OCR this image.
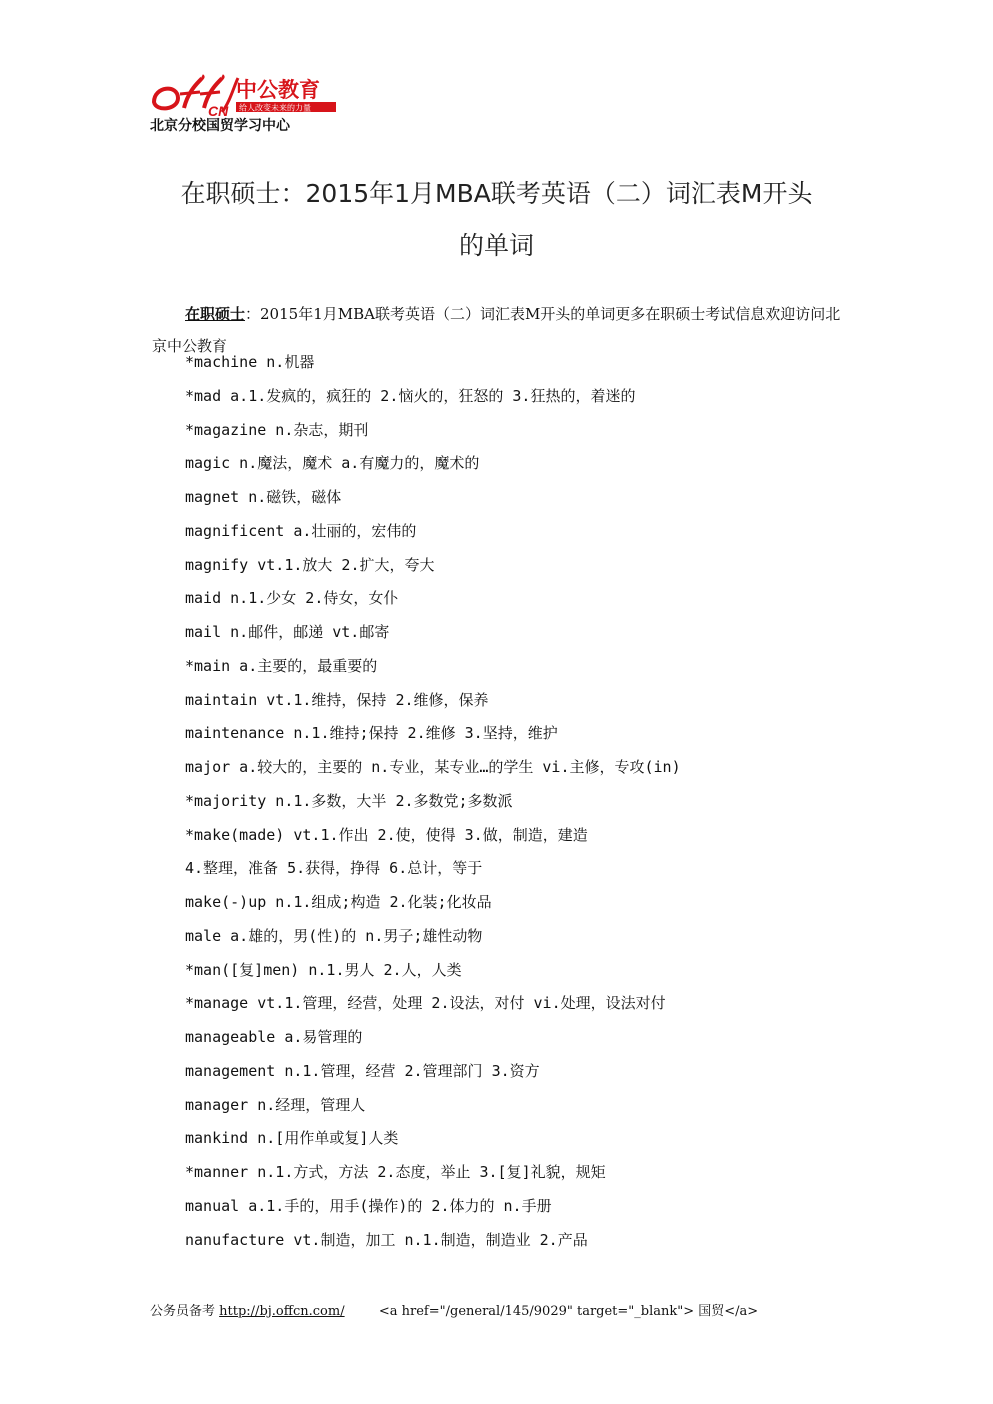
CN
中公教育
给人改变未来的力量
北京分校国贸学习中心
在职硕士：2015年1月MBA联考英语（二）词汇表M开头
的单词

在职硕士：2015年1月MBA联考英语（二）词汇表M开头的单词更多在职硕士考试信息欢迎访问北京中公教育

*machine n.机器
*mad a.1.发疯的，疯狂的 2.恼火的，狂怒的 3.狂热的，着迷的
*magazine n.杂志，期刊
magic n.魔法，魔术 a.有魔力的，魔术的
magnet n.磁铁，磁体
magnificent a.壮丽的，宏伟的
magnify vt.1.放大 2.扩大，夸大
maid n.1.少女 2.侍女，女仆
mail n.邮件，邮递 vt.邮寄
*main a.主要的，最重要的
maintain vt.1.维持，保持 2.维修，保养
maintenance n.1.维持;保持 2.维修 3.坚持，维护
major a.较大的，主要的 n.专业，某专业…的学生 vi.主修，专攻(in)
*majority n.1.多数，大半 2.多数党;多数派
*make(made) vt.1.作出 2.使，使得 3.做，制造，建造
4.整理，准备 5.获得，挣得 6.总计，等于
make(-)up n.1.组成;构造 2.化装;化妆品
male a.雄的，男(性)的 n.男子;雄性动物
*man([复]men) n.1.男人 2.人，人类
*manage vt.1.管理，经营，处理 2.设法，对付 vi.处理，设法对付
manageable a.易管理的
management n.1.管理，经营 2.管理部门 3.资方
manager n.经理，管理人
mankind n.[用作单或复]人类
*manner n.1.方式，方法 2.态度，举止 3.[复]礼貌，规矩
manual a.1.手的，用手(操作)的 2.体力的 n.手册
nanufacture vt.制造，加工 n.1.制造，制造业 2.产品
公务员备考 http://bj.offcn.com/	<a href="/general/145/9029" target="_blank"> 国贸</a>
